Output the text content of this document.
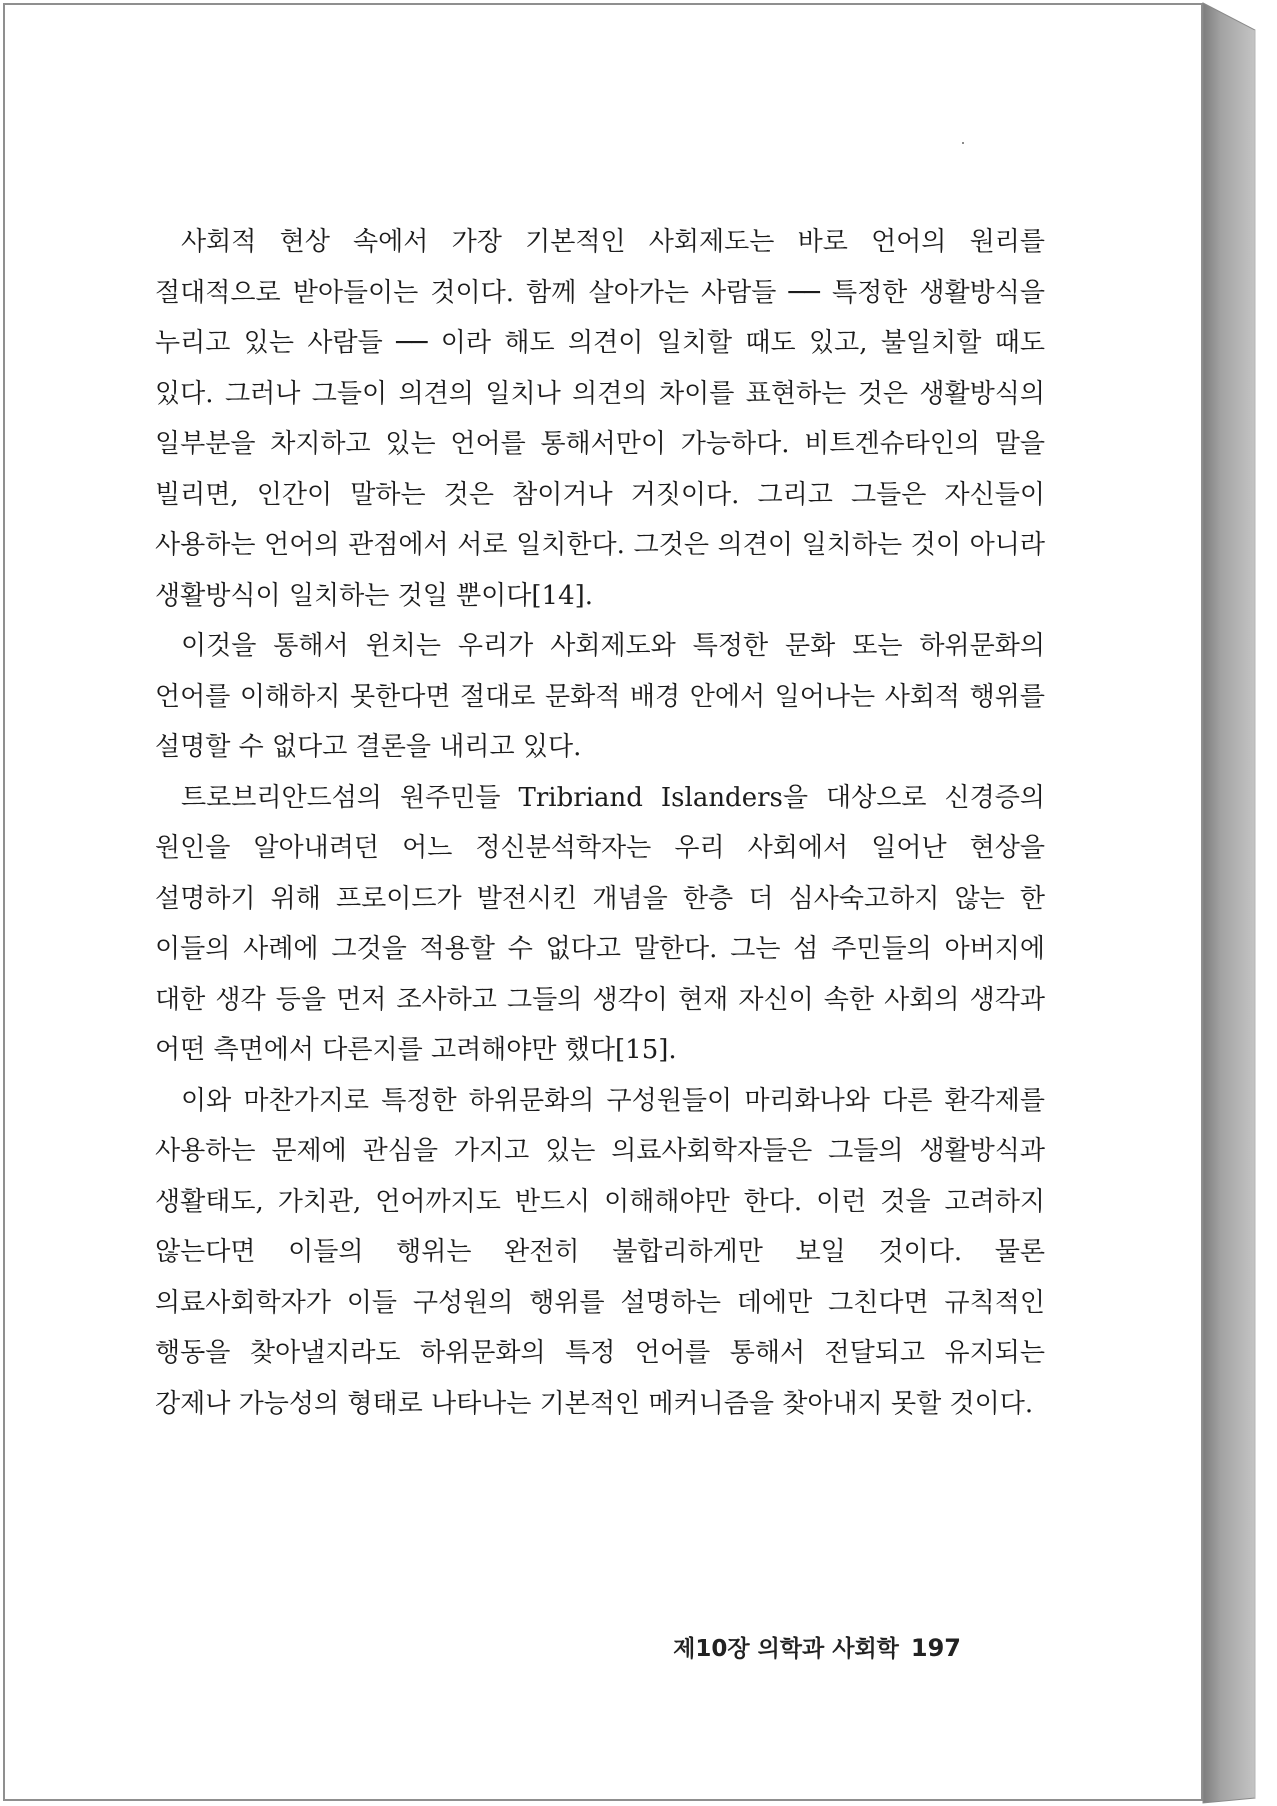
사회적 현상 속에서 가장 기본적인 사회제도는 바로 언어의 원리를 절대적으로 받아들이는 것이다. 함께 살아가는 사람들 ── 특정한 생활방식을 누리고 있는 사람들 ── 이라 해도 의견이 일치할 때도 있고, 불일치할 때도 있다. 그러나 그들이 의견의 일치나 의견의 차이를 표현하는 것은 생활방식의 일부분을 차지하고 있는 언어를 통해서만이 가능하다. 비트겐슈타인의 말을 빌리면, 인간이 말하는 것은 참이거나 거짓이다. 그리고 그들은 자신들이 사용하는 언어의 관점에서 서로 일치한다. 그것은 의견이 일치하는 것이 아니라 생활방식이 일치하는 것일 뿐이다[14].

이것을 통해서 윈치는 우리가 사회제도와 특정한 문화 또는 하위문화의 언어를 이해하지 못한다면 절대로 문화적 배경 안에서 일어나는 사회적 행위를 설명할 수 없다고 결론을 내리고 있다.

트로브리안드섬의 원주민들 Tribriand Islanders을 대상으로 신경증의 원인을 알아내려던 어느 정신분석학자는 우리 사회에서 일어난 현상을 설명하기 위해 프로이드가 발전시킨 개념을 한층 더 심사숙고하지 않는 한 이들의 사례에 그것을 적용할 수 없다고 말한다. 그는 섬 주민들의 아버지에 대한 생각 등을 먼저 조사하고 그들의 생각이 현재 자신이 속한 사회의 생각과 어떤 측면에서 다른지를 고려해야만 했다[15].

이와 마찬가지로 특정한 하위문화의 구성원들이 마리화나와 다른 환각제를 사용하는 문제에 관심을 가지고 있는 의료사회학자들은 그들의 생활방식과 생활태도, 가치관, 언어까지도 반드시 이해해야만 한다. 이런 것을 고려하지 않는다면 이들의 행위는 완전히 불합리하게만 보일 것이다. 물론 의료사회학자가 이들 구성원의 행위를 설명하는 데에만 그친다면 규칙적인 행동을 찾아낼지라도 하위문화의 특정 언어를 통해서 전달되고 유지되는 강제나 가능성의 형태로 나타나는 기본적인 메커니즘을 찾아내지 못할 것이다.

제10장 의학과 사회학 197
